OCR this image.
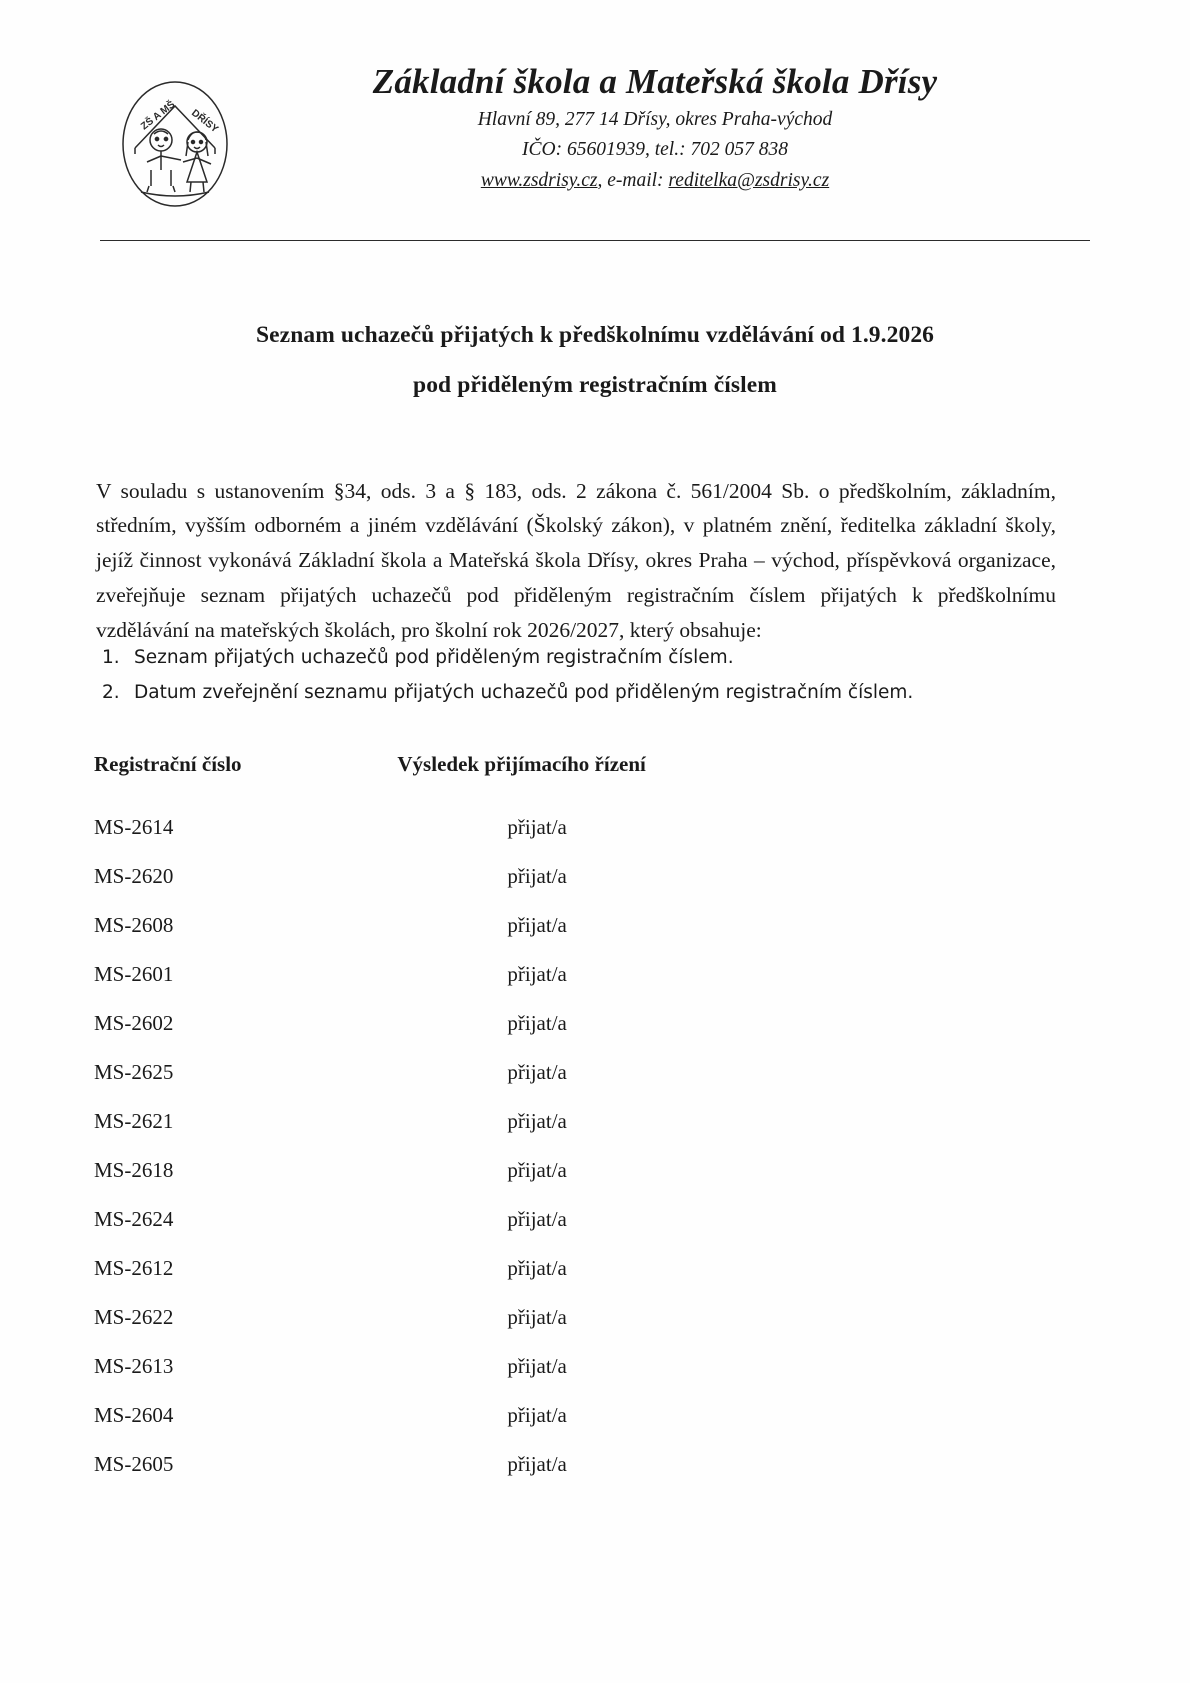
ZŠ A MŠ DŘÍSY
Základní škola a Mateřská škola Dřísy
Hlavní 89, 277 14 Dřísy, okres Praha-východ
IČO: 65601939, tel.: 702 057 838
www.zsdrisy.cz, e-mail: reditelka@zsdrisy.cz
Seznam uchazečů přijatých k předškolnímu vzdělávání od 1.9.2026
pod přiděleným registračním číslem

V souladu s ustanovením §34, ods. 3 a § 183, ods. 2 zákona č. 561/2004 Sb. o předškolním, základním, středním, vyšším odborném a jiném vzdělávání (Školský zákon), v platném znění, ředitelka základní školy, jejíž činnost vykonává Základní škola a Mateřská škola Dřísy, okres Praha – východ, příspěvková organizace, zveřejňuje seznam přijatých uchazečů pod přiděleným registračním číslem přijatých k předškolnímu vzdělávání na mateřských školách, pro školní rok 2026/2027, který obsahuje:

1. Seznam přijatých uchazečů pod přiděleným registračním číslem.
2. Datum zveřejnění seznamu přijatých uchazečů pod přiděleným registračním číslem.
Registrační číslo	Výsledek přijímacího řízení
MS-2614	přijat/a
MS-2620	přijat/a
MS-2608	přijat/a
MS-2601	přijat/a
MS-2602	přijat/a
MS-2625	přijat/a
MS-2621	přijat/a
MS-2618	přijat/a
MS-2624	přijat/a
MS-2612	přijat/a
MS-2622	přijat/a
MS-2613	přijat/a
MS-2604	přijat/a
MS-2605	přijat/a
